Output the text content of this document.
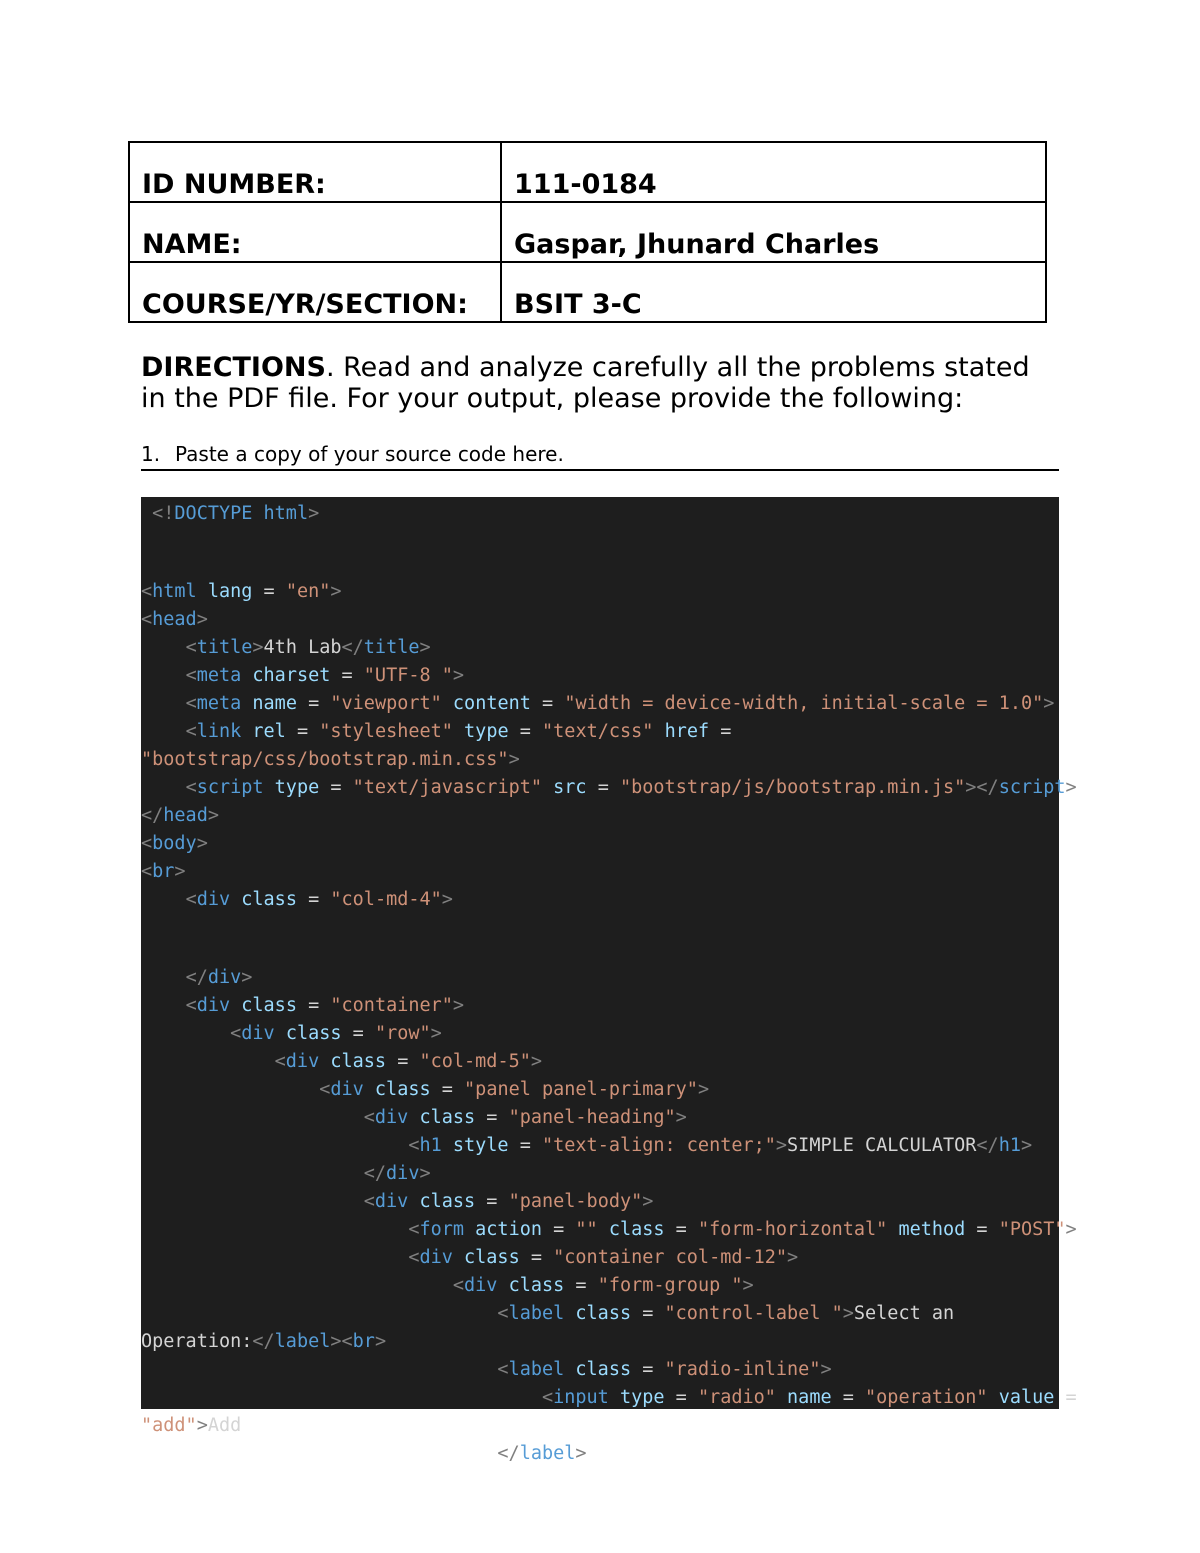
ID NUMBER:	111-0184
NAME:	Gaspar, Jhunard Charles
COURSE/YR/SECTION:	BSIT 3-C

DIRECTIONS. Read and analyze carefully all the problems stated in the PDF file. For your output, please provide the following:

1. Paste a copy of your source code here.
<!DOCTYPE html>
<html lang = "en">
<head>
<title>4th Lab</title>
<meta charset = "UTF-8 ">
<meta name = "viewport" content = "width = device-width, initial-scale = 1.0">
<link rel = "stylesheet" type = "text/css" href =
"bootstrap/css/bootstrap.min.css">
<script type = "text/javascript" src = "bootstrap/js/bootstrap.min.js"></script>
</head>
<body>
<br>
<div class = "col-md-4">
</div>
<div class = "container">
<div class = "row">
<div class = "col-md-5">
<div class = "panel panel-primary">
<div class = "panel-heading">
<h1 style = "text-align: center;">SIMPLE CALCULATOR</h1>
</div>
<div class = "panel-body">
<form action = "" class = "form-horizontal" method = "POST">
<div class = "container col-md-12">
<div class = "form-group ">
<label class = "control-label ">Select an
Operation:</label><br>
<label class = "radio-inline">
<input type = "radio" name = "operation" value =
"add">Add
</label>
